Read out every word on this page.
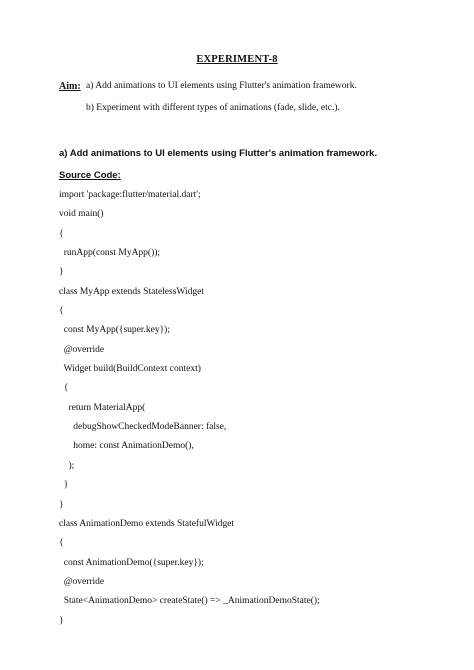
EXPERIMENT-8
Aim: a) Add animations to UI elements using Flutter's animation framework.
b) Experiment with different types of animations (fade, slide, etc.).
a) Add animations to UI elements using Flutter's animation framework.
Source Code:
import 'package:flutter/material.dart';
void main()
{
runApp(const MyApp());
}
class MyApp extends StatelessWidget
{
const MyApp({super.key});
@override
Widget build(BuildContext context)
{
return MaterialApp(
debugShowCheckedModeBanner: false,
home: const AnimationDemo(),
);
}
}
class AnimationDemo extends StatefulWidget
{
const AnimationDemo({super.key});
@override
State<AnimationDemo> createState() => _AnimationDemoState();
}
